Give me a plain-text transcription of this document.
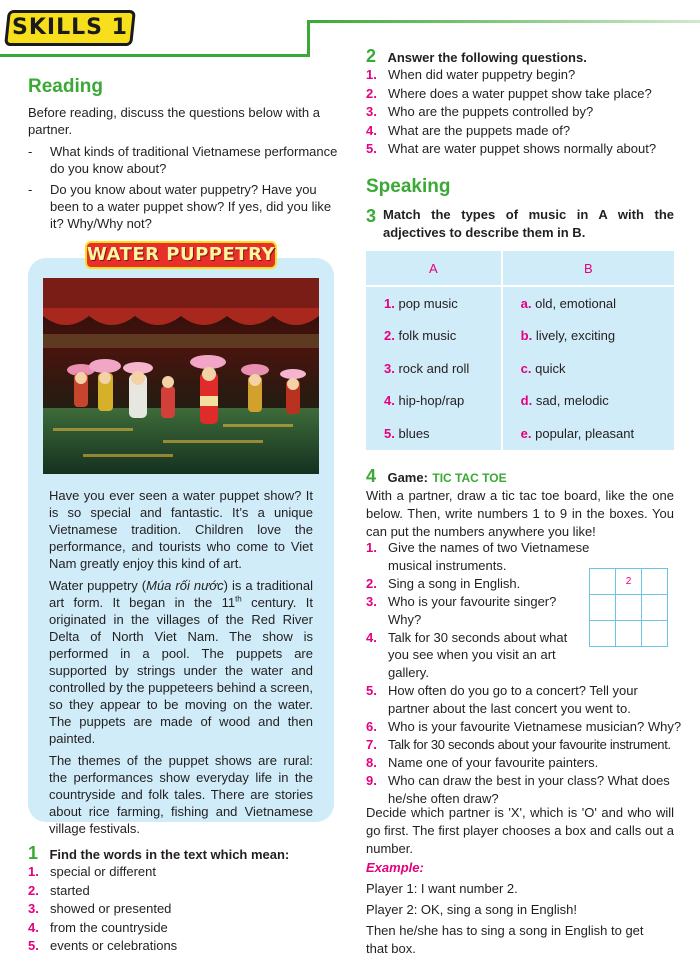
SKILLS 1
Reading

Before reading, discuss the questions below with a partner.

- What kinds of traditional Vietnamese performance do you know about?

- Do you know about water puppetry? Have you been to a water puppet show? If yes, did you like it? Why/Why not?

WATER PUPPETRY

Have you ever seen a water puppet show? It is so special and fantastic. It’s a unique Vietnamese tradition. Children love the performance, and tourists who come to Viet Nam greatly enjoy this kind of art.

Water puppetry (Múa rối nước) is a traditional art form. It began in the 11th century. It originated in the villages of the Red River Delta of North Viet Nam. The show is performed in a pool. The puppets are supported by strings under the water and controlled by the puppeteers behind a screen, so they appear to be moving on the water. The puppets are made of wood and then painted.

The themes of the puppet shows are rural: the performances show everyday life in the countryside and folk tales. There are stories about rice farming, fishing and Vietnamese village festivals.

1 Find the words in the text which mean:
1. special or different
2. started
3. showed or presented
4. from the countryside
5. events or celebrations
2 Answer the following questions.
1. When did water puppetry begin?
2. Where does a water puppet show take place?
3. Who are the puppets controlled by?
4. What are the puppets made of?
5. What are water puppet shows normally about?
Speaking
3 Match the types of music in A with the adjectives to describe them in B.

A	B
1. pop music	a. old, emotional
2. folk music	b. lively, exciting
3. rock and roll	c. quick
4. hip-hop/rap	d. sad, melodic
5. blues	e. popular, pleasant
4 Game: TIC TAC TOE

With a partner, draw a tic tac toe board, like the one below. Then, write numbers 1 to 9 in the boxes. You can put the numbers anywhere you like!

1. Give the names of two Vietnamese musical instruments.
2. Sing a song in English.
3. Who is your favourite singer? Why?
4. Talk for 30 seconds about what you see when you visit an art gallery.
5. How often do you go to a concert? Tell your partner about the last concert you went to.
6. Who is your favourite Vietnamese musician? Why?
7. Talk for 30 seconds about your favourite instrument.
8. Name one of your favourite painters.
9. Who can draw the best in your class? What does he/she often draw?
	2	

Decide which partner is 'X', which is 'O' and who will go first. The first player chooses a box and calls out a number.

Example:

Player 1: I want number 2.

Player 2: OK, sing a song in English!

Then he/she has to sing a song in English to get that box.
